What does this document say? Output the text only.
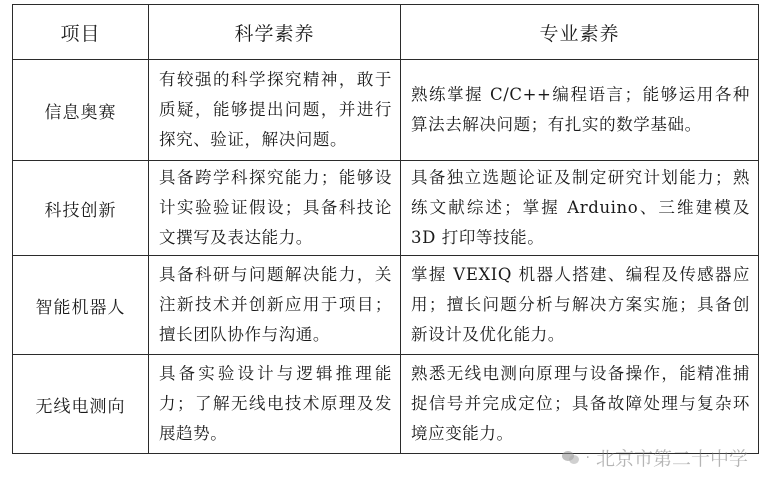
项目	科学素养	专业素养
信息奥赛	有较强的科学探究精神，敢于质疑，能够提出问题，并进行探究、验证，解决问题。	熟练掌握 C/C++编程语言；能够运用各种算法去解决问题；有扎实的数学基础。
科技创新	具备跨学科探究能力；能够设计实验验证假设；具备科技论文撰写及表达能力。	具备独立选题论证及制定研究计划能力；熟练文献综述；掌握 Arduino、三维建模及 3D 打印等技能。
智能机器人	具备科研与问题解决能力，关注新技术并创新应用于项目；擅长团队协作与沟通。	掌握 VEXIQ 机器人搭建、编程及传感器应用；擅长问题分析与解决方案实施；具备创新设计及优化能力。
无线电测向	具备实验设计与逻辑推理能力；了解无线电技术原理及发展趋势。	熟悉无线电测向原理与设备操作，能精准捕捉信号并完成定位；具备故障处理与复杂环境应变能力。
· 北京市第二十中学
